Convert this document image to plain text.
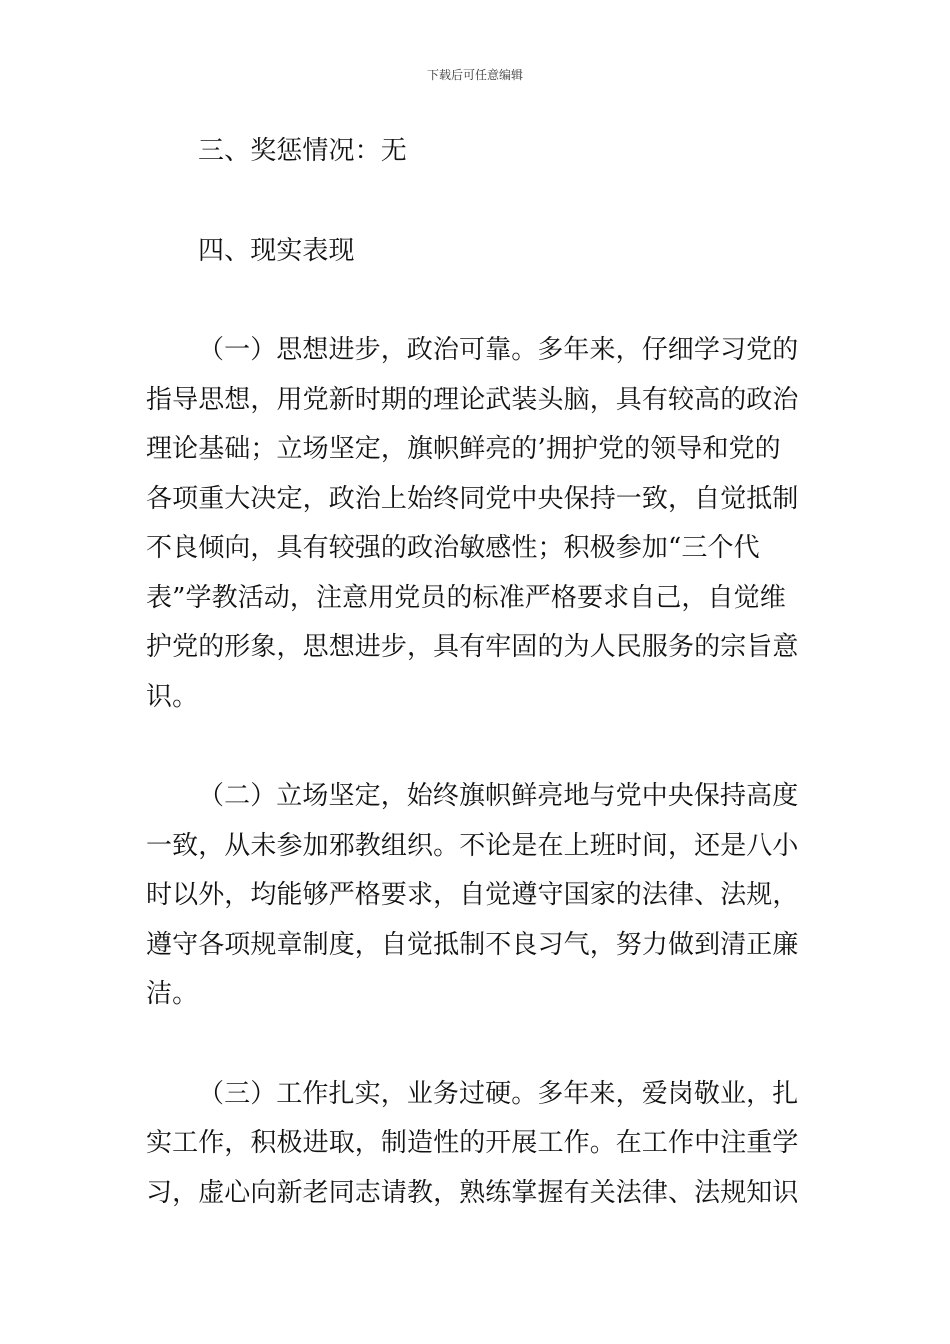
下载后可任意编辑
三、奖惩情况：无
四、现实表现
（一）思想进步，政治可靠。多年来，仔细学习党的
指导思想，用党新时期的理论武装头脑，具有较高的政治
理论基础；立场坚定，旗帜鲜亮的’拥护党的领导和党的
各项重大决定，政治上始终同党中央保持一致，自觉抵制
不良倾向，具有较强的政治敏感性；积极参加“三个代
表”学教活动，注意用党员的标准严格要求自己，自觉维
护党的形象，思想进步，具有牢固的为人民服务的宗旨意
识。
（二）立场坚定，始终旗帜鲜亮地与党中央保持高度
一致，从未参加邪教组织。不论是在上班时间，还是八小
时以外，均能够严格要求，自觉遵守国家的法律、法规，
遵守各项规章制度，自觉抵制不良习气，努力做到清正廉
洁。
（三）工作扎实，业务过硬。多年来，爱岗敬业，扎
实工作，积极进取，制造性的开展工作。在工作中注重学
习，虚心向新老同志请教，熟练掌握有关法律、法规知识
